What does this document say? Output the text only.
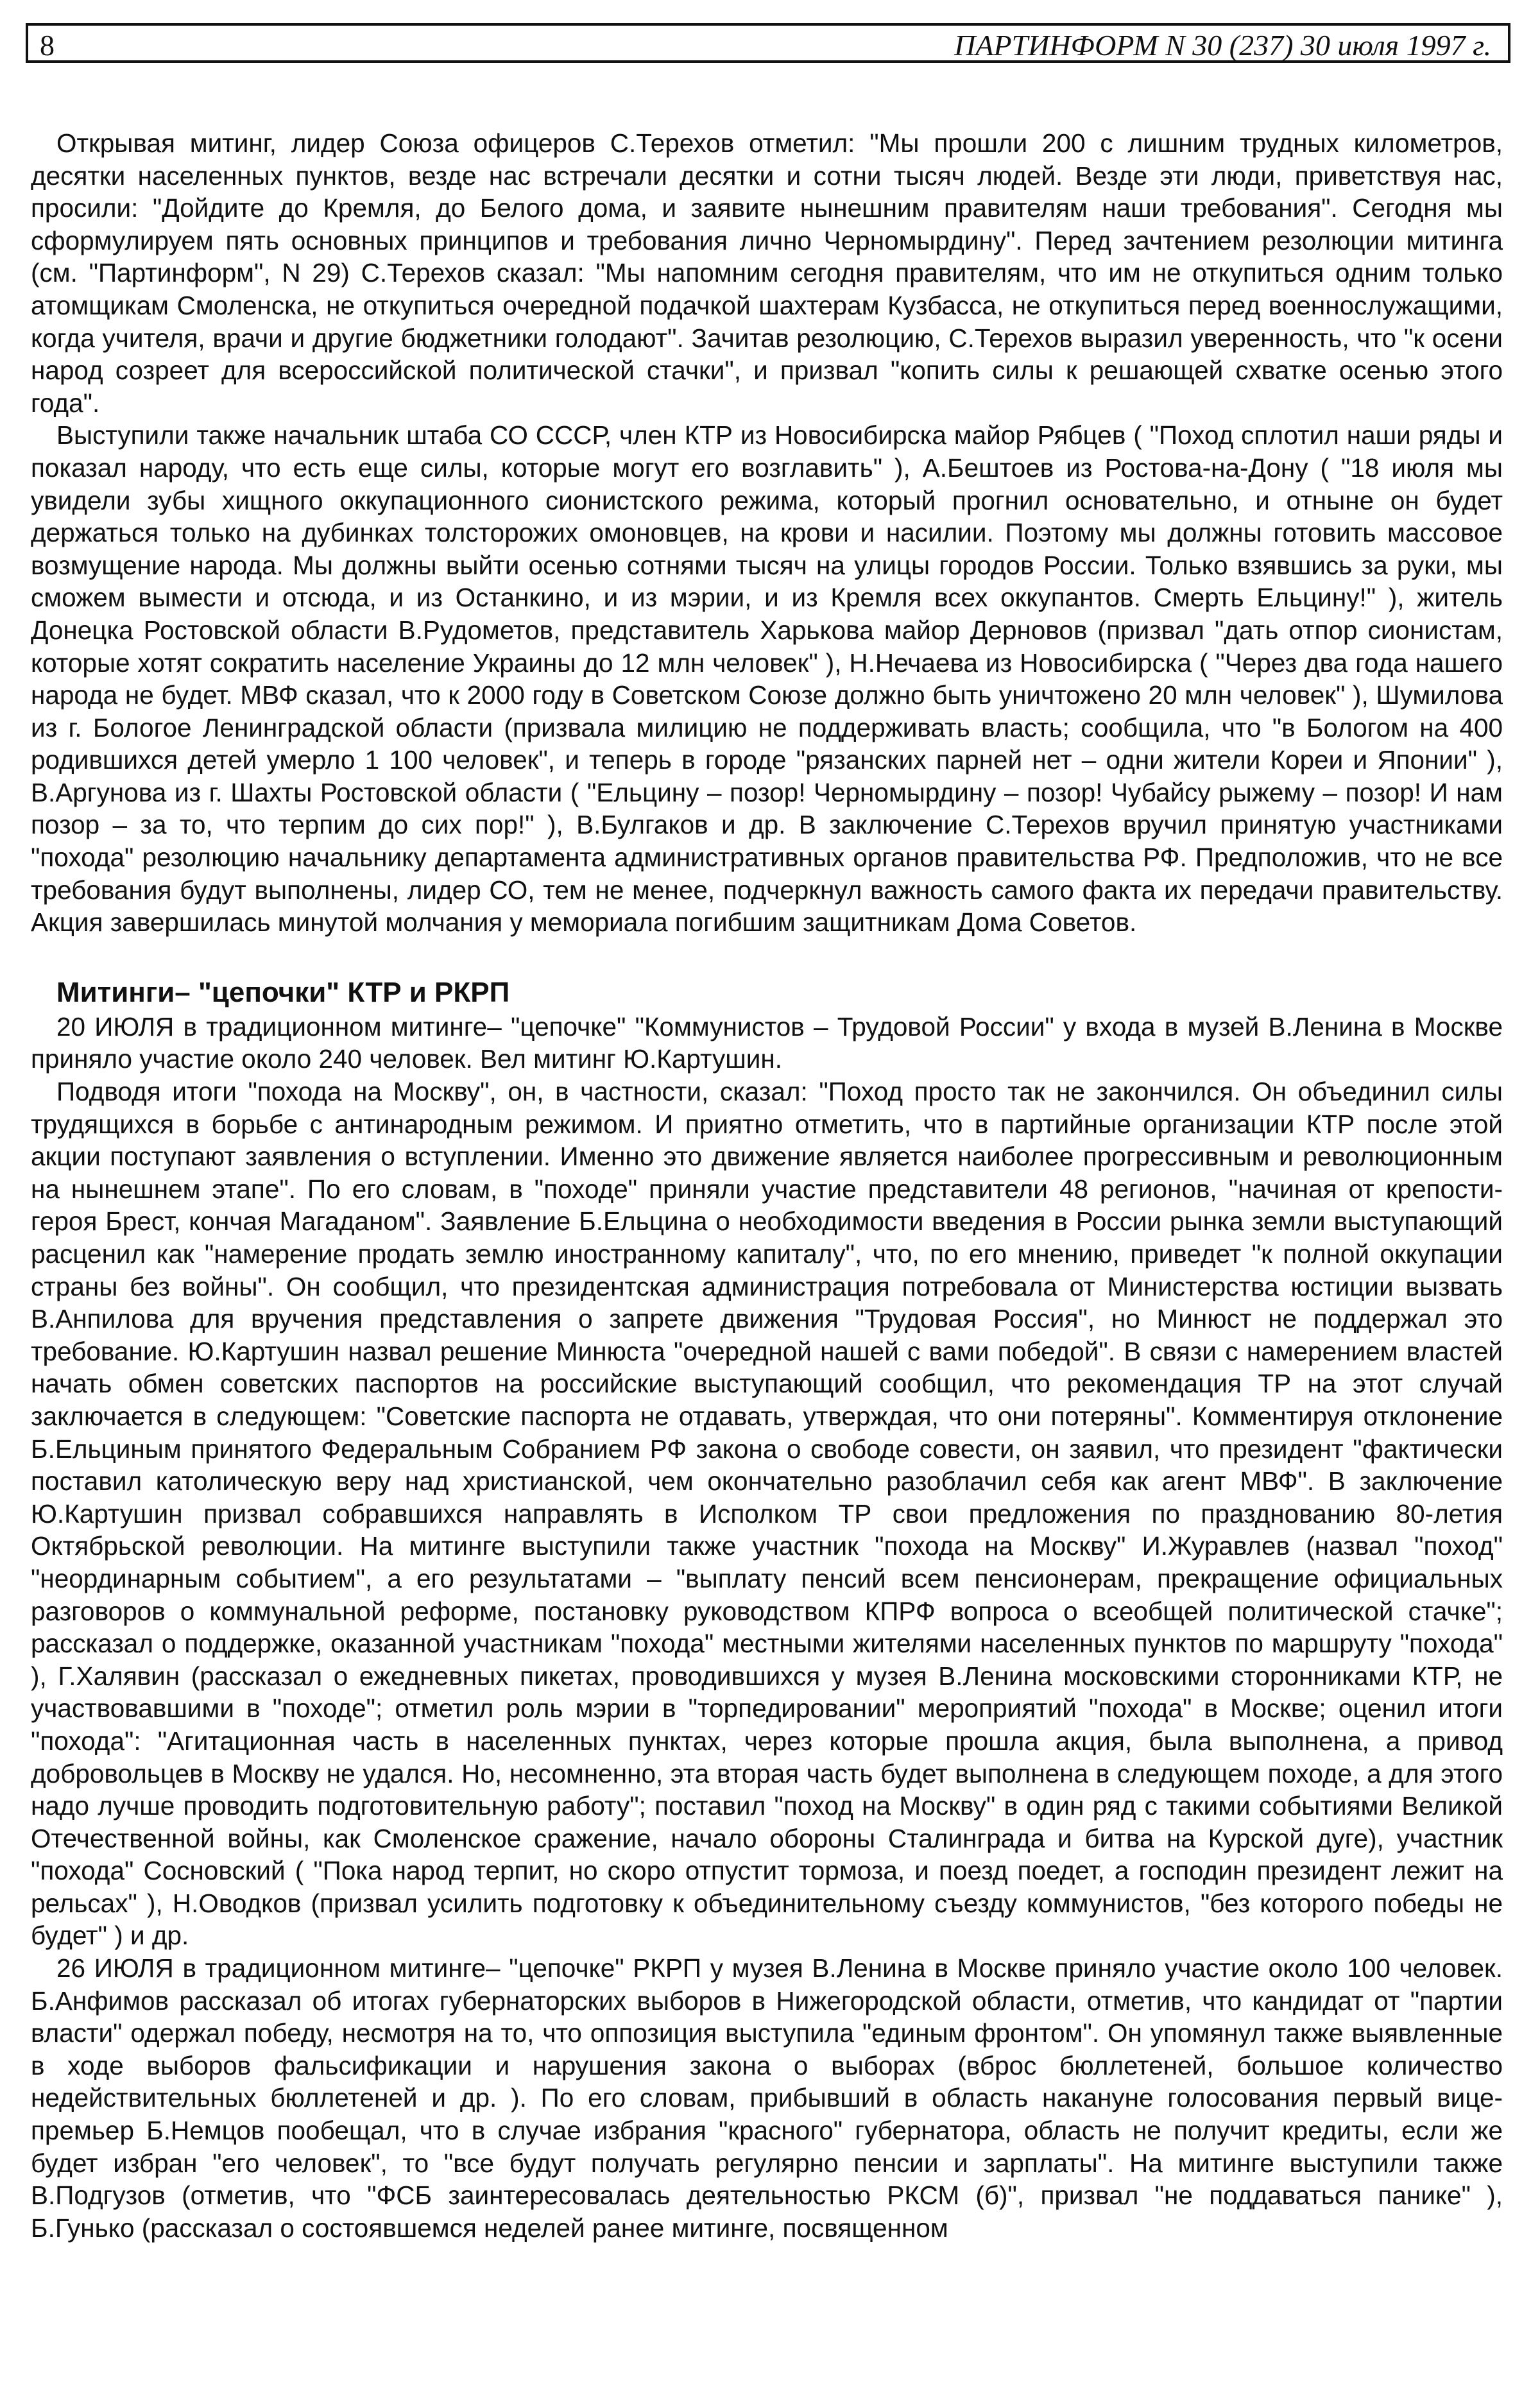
8	ПАРТИНФОРМ N 30 (237) 30 июля 1997 г.

Открывая митинг, лидер Союза офицеров С.Терехов отметил: "Мы прошли 200 с лишним трудных километров, десятки населенных пунктов, везде нас встречали десятки и сотни тысяч людей. Везде эти люди, приветствуя нас, просили: "Дойдите до Кремля, до Белого дома, и заявите нынешним правителям наши требования". Сегодня мы сформулируем пять основных принципов и требования лично Черномырдину". Перед зачтением резолюции митинга (см. "Партинформ", N 29) С.Терехов сказал: "Мы напомним сегодня правителям, что им не откупиться одним только атомщикам Смоленска, не откупиться очередной подачкой шахтерам Кузбасса, не откупиться перед военнослужащими, когда учителя, врачи и другие бюджетники голодают". Зачитав резолюцию, С.Терехов выразил уверенность, что "к осени народ созреет для всероссийской политической стачки", и призвал "копить силы к решающей схватке осенью этого года".

Выступили также начальник штаба СО СССР, член КТР из Новосибирска майор Рябцев ( "Поход сплотил наши ряды и показал народу, что есть еще силы, которые могут его возглавить" ), А.Бештоев из Ростова-на-Дону ( "18 июля мы увидели зубы хищного оккупационного сионистского режима, который прогнил основательно, и отныне он будет держаться только на дубинках толсторожих омоновцев, на крови и насилии. Поэтому мы должны готовить массовое возмущение народа. Мы должны выйти осенью сотнями тысяч на улицы городов России. Только взявшись за руки, мы сможем вымести и отсюда, и из Останкино, и из мэрии, и из Кремля всех оккупантов. Смерть Ельцину!" ), житель Донецка Ростовской области В.Рудометов, представитель Харькова майор Дерновов (призвал "дать отпор сионистам, которые хотят сократить население Украины до 12 млн человек" ), Н.Нечаева из Новосибирска ( "Через два года нашего народа не будет. МВФ сказал, что к 2000 году в Советском Союзе должно быть уничтожено 20 млн человек" ), Шумилова из г. Бологое Ленинградской области (призвала милицию не поддерживать власть; сообщила, что "в Бологом на 400 родившихся детей умерло 1 100 человек", и теперь в городе "рязанских парней нет – одни жители Кореи и Японии" ), В.Аргунова из г. Шахты Ростовской области ( "Ельцину – позор! Черномырдину – позор! Чубайсу рыжему – позор! И нам позор – за то, что терпим до сих пор!" ), В.Булгаков и др. В заключение С.Терехов вручил принятую участниками "похода" резолюцию начальнику департамента административных органов правительства РФ. Предположив, что не все требования будут выполнены, лидер СО, тем не менее, подчеркнул важность самого факта их передачи правительству. Акция завершилась минутой молчания у мемориала погибшим защитникам Дома Советов.

Митинги– "цепочки" КТР и РКРП

20 ИЮЛЯ в традиционном митинге– "цепочке" "Коммунистов – Трудовой России" у входа в музей В.Ленина в Москве приняло участие около 240 человек. Вел митинг Ю.Картушин.

Подводя итоги "похода на Москву", он, в частности, сказал: "Поход просто так не закончился. Он объединил силы трудящихся в борьбе с антинародным режимом. И приятно отметить, что в партийные организации КТР после этой акции поступают заявления о вступлении. Именно это движение является наиболее прогрессивным и революционным на нынешнем этапе". По его словам, в "походе" приняли участие представители 48 регионов, "начиная от крепости-героя Брест, кончая Магаданом". Заявление Б.Ельцина о необходимости введения в России рынка земли выступающий расценил как "намерение продать землю иностранному капиталу", что, по его мнению, приведет "к полной оккупации страны без войны". Он сообщил, что президентская администрация потребовала от Министерства юстиции вызвать В.Анпилова для вручения представления о запрете движения "Трудовая Россия", но Минюст не поддержал это требование. Ю.Картушин назвал решение Минюста "очередной нашей с вами победой". В связи с намерением властей начать обмен советских паспортов на российские выступающий сообщил, что рекомендация ТР на этот случай заключается в следующем: "Советские паспорта не отдавать, утверждая, что они потеряны". Комментируя отклонение Б.Ельциным принятого Федеральным Собранием РФ закона о свободе совести, он заявил, что президент "фактически поставил католическую веру над христианской, чем окончательно разоблачил себя как агент МВФ". В заключение Ю.Картушин призвал собравшихся направлять в Исполком ТР свои предложения по празднованию 80-летия Октябрьской революции. На митинге выступили также участник "похода на Москву" И.Журавлев (назвал "поход" "неординарным событием", а его результатами – "выплату пенсий всем пенсионерам, прекращение официальных разговоров о коммунальной реформе, постановку руководством КПРФ вопроса о всеобщей политической стачке"; рассказал о поддержке, оказанной участникам "похода" местными жителями населенных пунктов по маршруту "похода" ), Г.Халявин (рассказал о ежедневных пикетах, проводившихся у музея В.Ленина московскими сторонниками КТР, не участвовавшими в "походе"; отметил роль мэрии в "торпедировании" мероприятий "похода" в Москве; оценил итоги "похода": "Агитационная часть в населенных пунктах, через которые прошла акция, была выполнена, а привод добровольцев в Москву не удался. Но, несомненно, эта вторая часть будет выполнена в следующем походе, а для этого надо лучше проводить подготовительную работу"; поставил "поход на Москву" в один ряд с такими событиями Великой Отечественной войны, как Смоленское сражение, начало обороны Сталинграда и битва на Курской дуге), участник "похода" Сосновский ( "Пока народ терпит, но скоро отпустит тормоза, и поезд поедет, а господин президент лежит на рельсах" ), Н.Оводков (призвал усилить подготовку к объединительному съезду коммунистов, "без которого победы не будет" ) и др.

26 ИЮЛЯ в традиционном митинге– "цепочке" РКРП у музея В.Ленина в Москве приняло участие около 100 человек. Б.Анфимов рассказал об итогах губернаторских выборов в Нижегородской области, отметив, что кандидат от "партии власти" одержал победу, несмотря на то, что оппозиция выступила "единым фронтом". Он упомянул также выявленные в ходе выборов фальсификации и нарушения закона о выборах (вброс бюллетеней, большое количество недействительных бюллетеней и др. ). По его словам, прибывший в область накануне голосования первый вице-премьер Б.Немцов пообещал, что в случае избрания "красного" губернатора, область не получит кредиты, если же будет избран "его человек", то "все будут получать регулярно пенсии и зарплаты". На митинге выступили также В.Подгузов (отметив, что "ФСБ заинтересовалась деятельностью РКСМ (б)", призвал "не поддаваться панике" ), Б.Гунько (рассказал о состоявшемся неделей ранее митинге, посвященном
